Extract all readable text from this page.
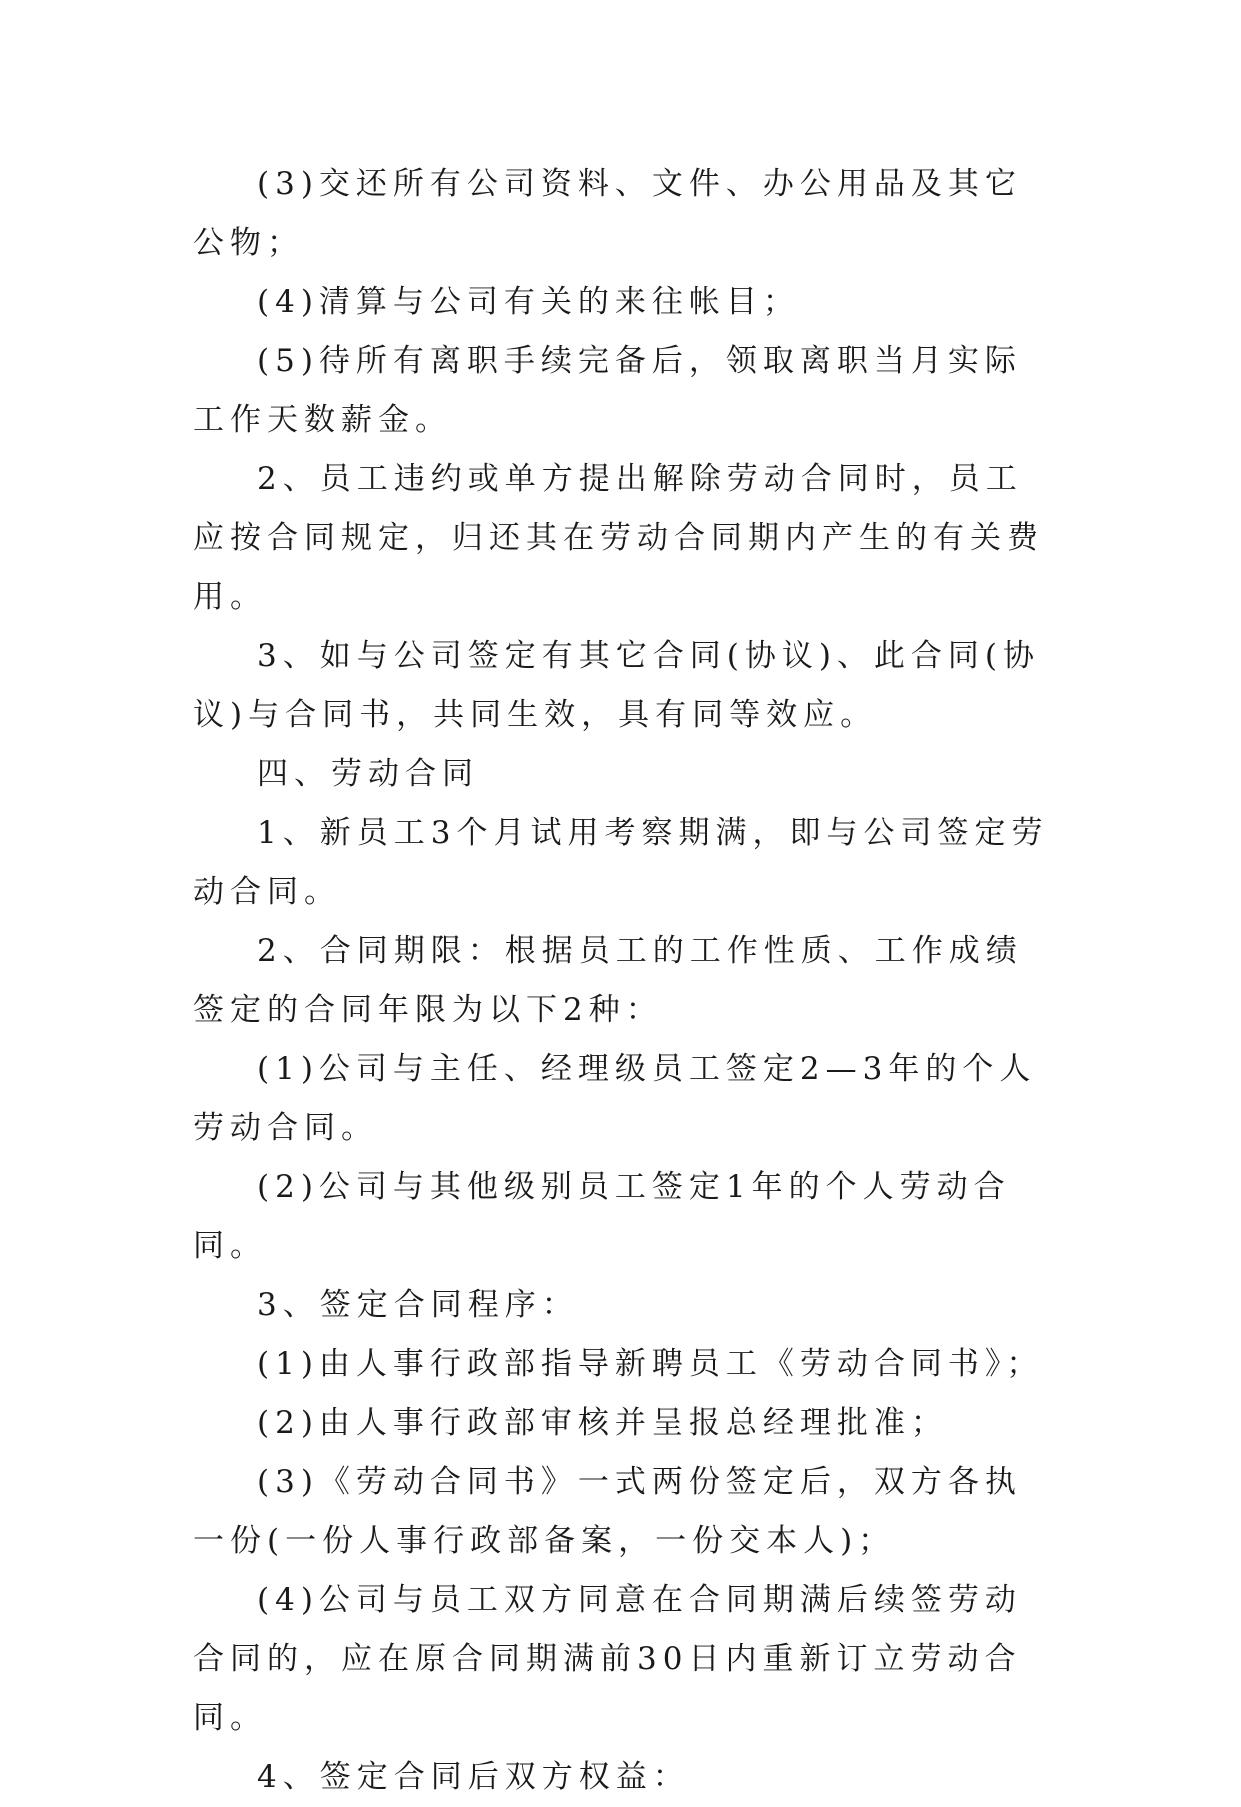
(3)交还所有公司资料、文件、办公用品及其它公物；

(4)清算与公司有关的来往帐目；

(5)待所有离职手续完备后，领取离职当月实际工作天数薪金。

2、员工违约或单方提出解除劳动合同时，员工应按合同规定，归还其在劳动合同期内产生的有关费用。

3、如与公司签定有其它合同(协议)、此合同(协议)与合同书，共同生效，具有同等效应。

四、劳动合同

1、新员工3个月试用考察期满，即与公司签定劳动合同。

2、合同期限：根据员工的工作性质、工作成绩签定的合同年限为以下2种：

(1)公司与主任、经理级员工签定2—3年的个人劳动合同。

(2)公司与其他级别员工签定1年的个人劳动合同。

3、签定合同程序：

(1)由人事行政部指导新聘员工《劳动合同书》；

(2)由人事行政部审核并呈报总经理批准；

(3)《劳动合同书》一式两份签定后，双方各执一份(一份人事行政部备案，一份交本人)；

(4)公司与员工双方同意在合同期满后续签劳动合同的，应在原合同期满前30日内重新订立劳动合同。

4、签定合同后双方权益：
